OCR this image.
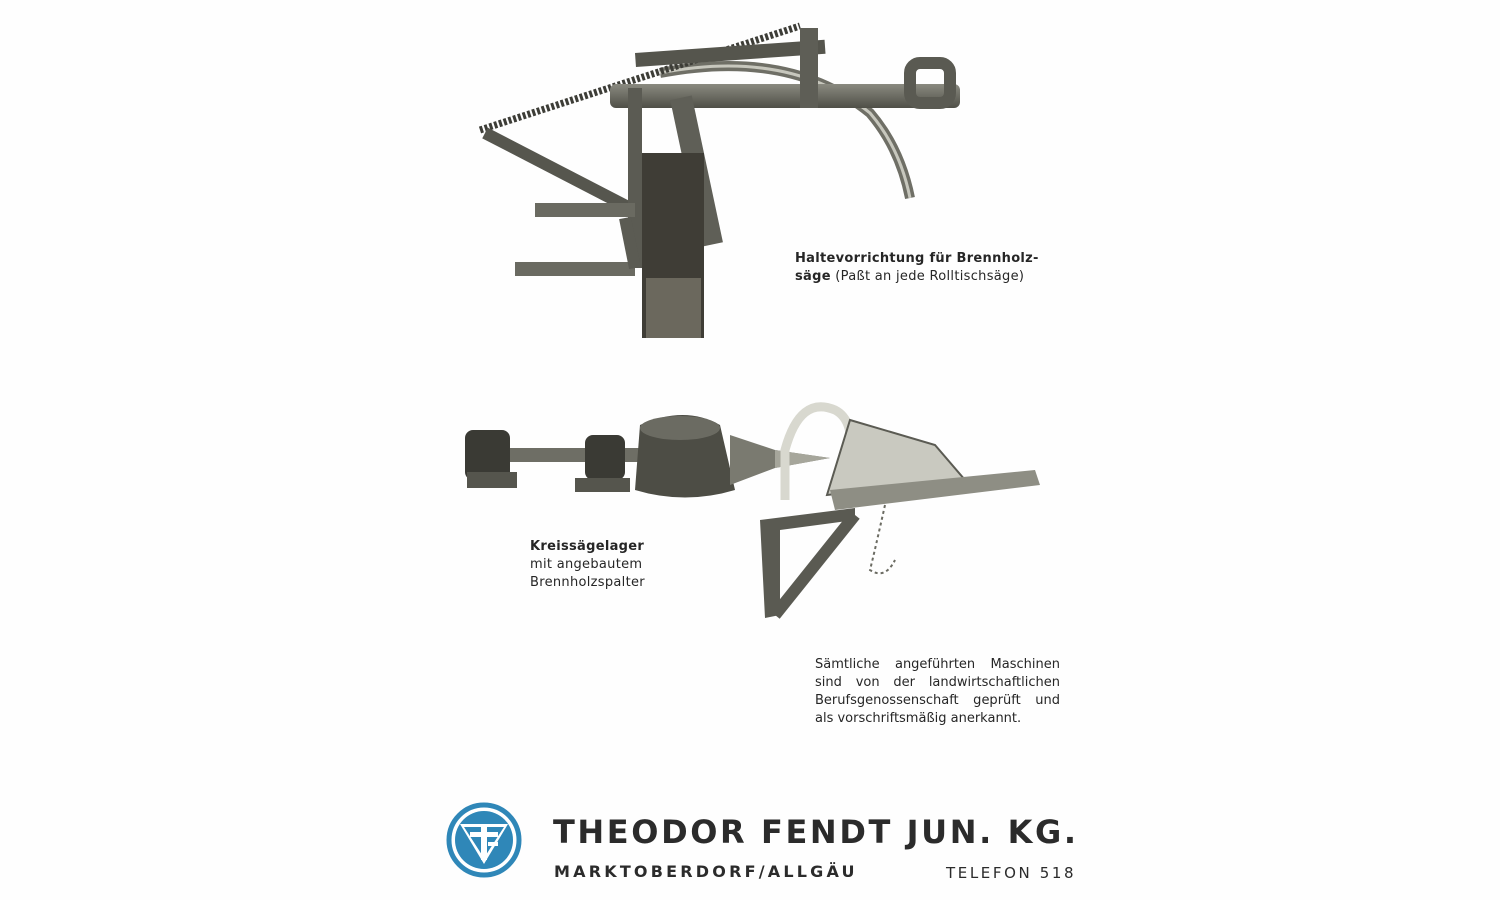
Haltevorrichtung für Brennholz-
säge (Paßt an jede Rolltischsäge)
Kreissägelager
mit angebautem
Brennholzspalter
Sämtliche angeführten Maschinen sind von der landwirtschaftlichen Berufsgenossenschaft geprüft und als vorschriftsmäßig anerkannt.
THEODOR FENDT JUN. KG.
MARKTOBERDORF/ALLGÄU	TELEFON 518
